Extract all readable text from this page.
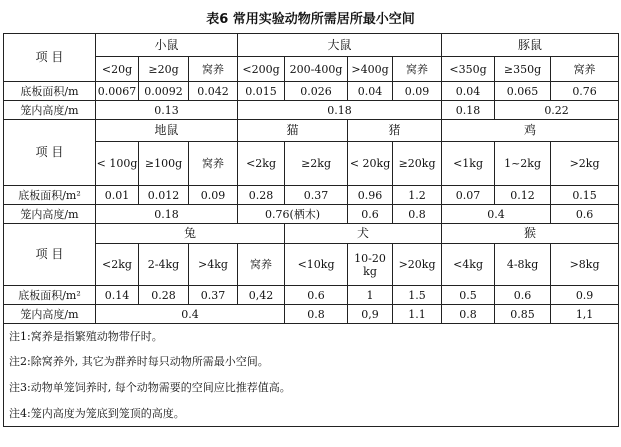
表6 常用实验动物所需居所最小空间
项 目	小鼠			大鼠				豚鼠		
	<20g	≥20g	窝养	<200g	200-400g	>400g	窝养	<350g	≥350g	窝养
底板面积/m	0.0067	0.0092	0.042	0.015	0.026	0.04	0.09	0.04	0.065	0.76
笼内高度/m	0.13			0.18				0.18	0.22	
项 目	地鼠			猫		猪		鸡		
	< 100g	≥100g	窝养	<2kg	≥2kg	< 20kg	≥20kg	<1kg	1~2kg	>2kg
底板面积/m²	0.01	0.012	0.09	0.28	0.37	0.96	1.2	0.07	0.12	0.15
笼内高度/m	0.18			0.76(栖木)		0.6	0.8	0.4		0.6
项 目	兔				犬			猴		
	<2kg	2-4kg	>4kg	窝养	<10kg	10-20 kg	>20kg	<4kg	4-8kg	>8kg
底板面积/m²	0.14	0.28	0.37	0,42	0.6	1	1.5	0.5	0.6	0.9
笼内高度/m	0.4				0.8	0,9	1.1	0.8	0.85	1,1

注1:窝养是指繁殖动物带仔时。
注2:除窝养外, 其它为群养时每只动物所需最小空间。
注3:动物单笼饲养时, 每个动物需要的空间应比推荐值高。
注4:笼内高度为笼底到笼顶的高度。										
